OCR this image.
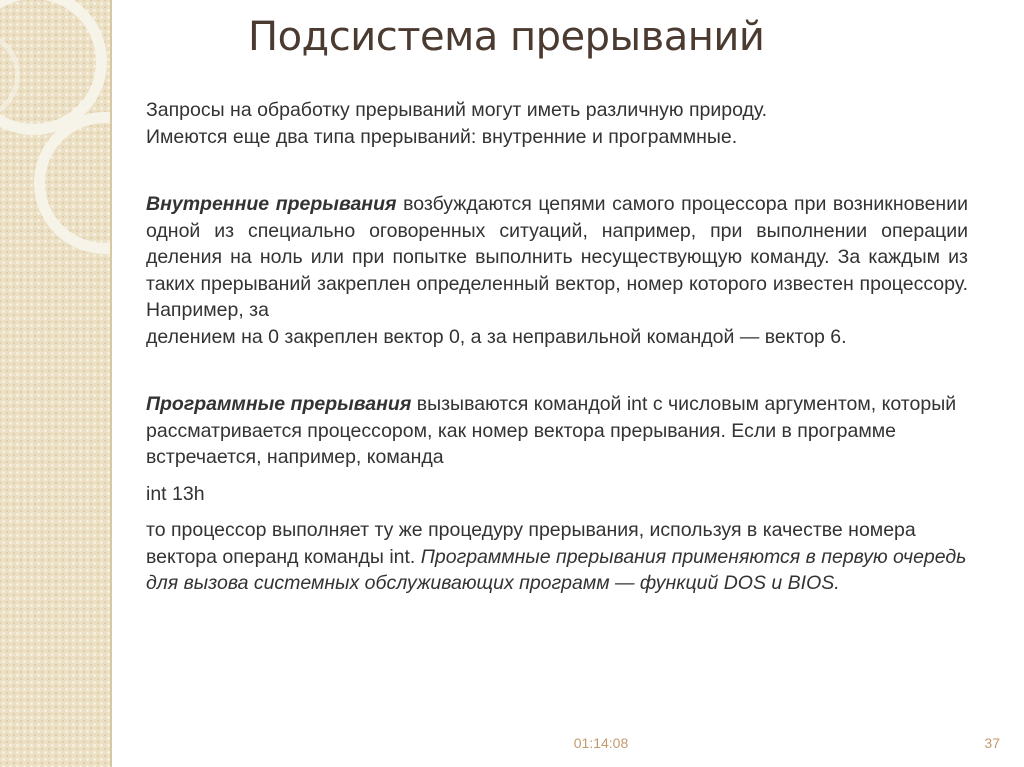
Подсистема прерываний

Запросы на обработку прерываний могут иметь различную природу.
Имеются еще два типа прерываний: внутренние и программные.

Внутренние прерывания возбуждаются цепями самого процессора при возникновении одной из специально оговоренных ситуаций, например, при выполнении операции деления на ноль или при попытке выполнить несуществующую команду. За каждым из таких прерываний закреплен определенный вектор, номер которого известен процессору. Например, за
делением на 0 закреплен вектор 0, а за неправильной командой — вектор 6.

Программные прерывания вызываются командой int с числовым аргументом, который рассматривается процессором, как номер вектора прерывания. Если в программе встречается, например, команда

int 13h

то процессор выполняет ту же процедуру прерывания, используя в качестве номера вектора операнд команды int. Программные прерывания применяются в первую очередь для вызова системных обслуживающих программ — функций DOS и BIOS.

01:14:08	37
